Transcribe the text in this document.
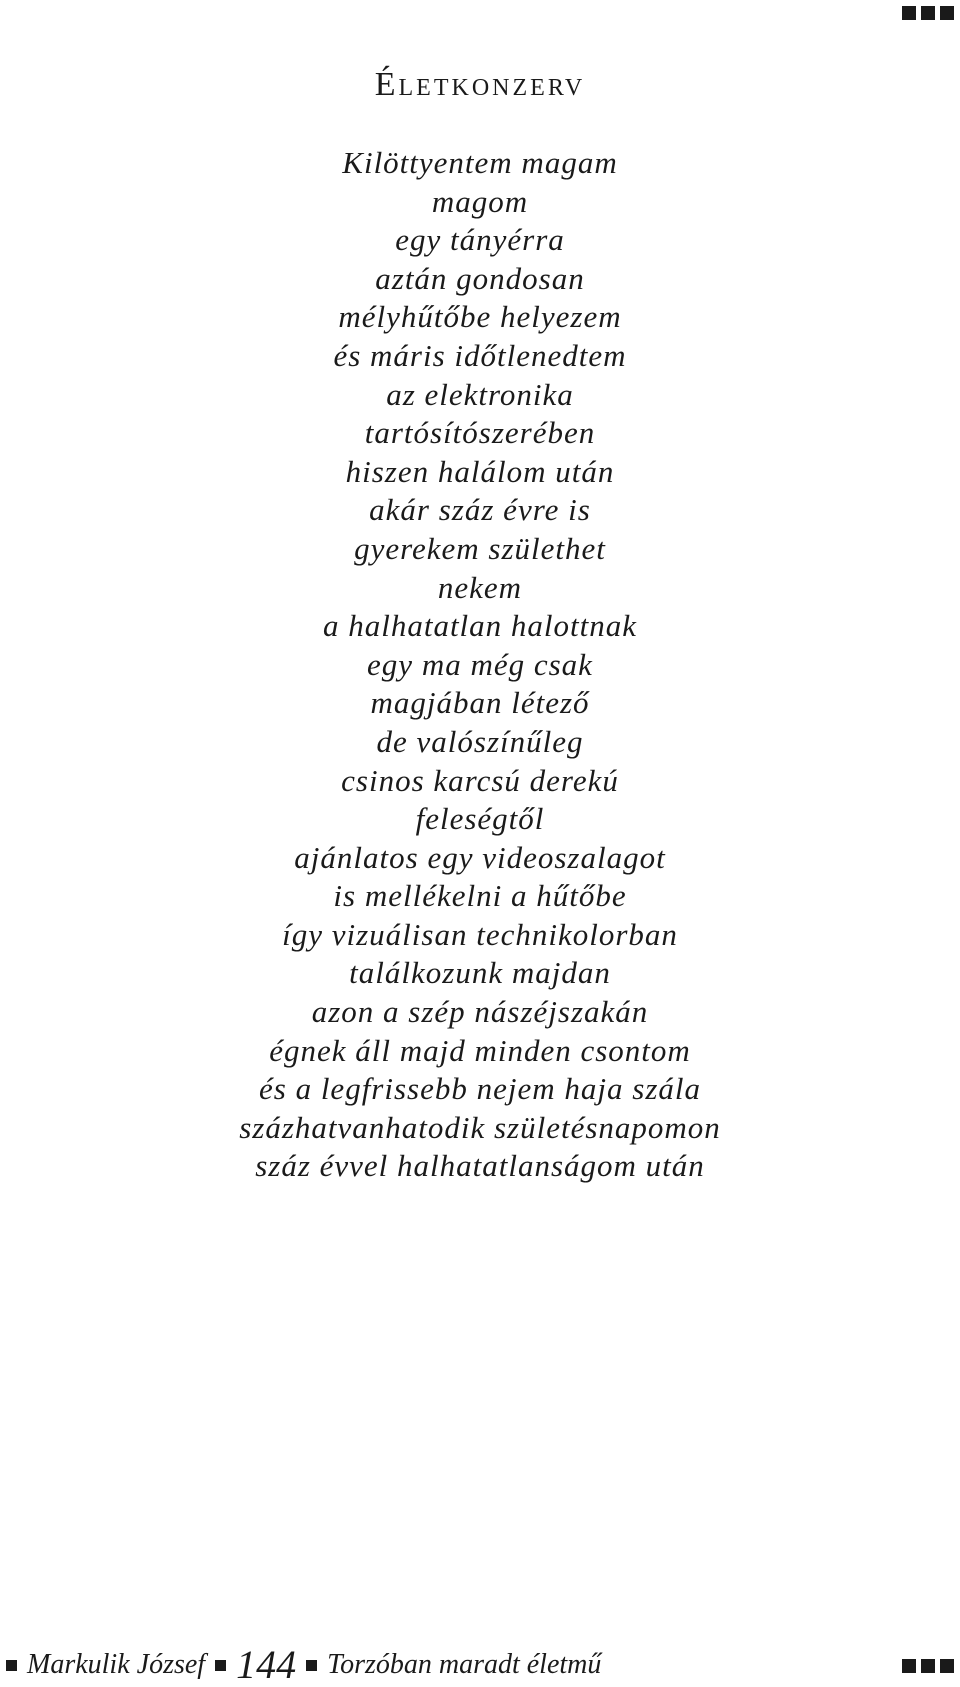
Életkonzerv
Kilöttyentem magam
magom
egy tányérra
aztán gondosan
mélyhűtőbe helyezem
és máris időtlenedtem
az elektronika
tartósítószerében
hiszen halálom után
akár száz évre is
gyerekem születhet
nekem
a halhatatlan halottnak
egy ma még csak
magjában létező
de valószínűleg
csinos karcsú derekú
feleségtől
ajánlatos egy videoszalagot
is mellékelni a hűtőbe
így vizuálisan technikolorban
találkozunk majdan
azon a szép nászéjszakán
égnek áll majd minden csontom
és a legfrissebb nejem haja szála
százhatvanhatodik születésnapomon
száz évvel halhatatlanságom után
Markulik József 144 Torzóban maradt életmű
